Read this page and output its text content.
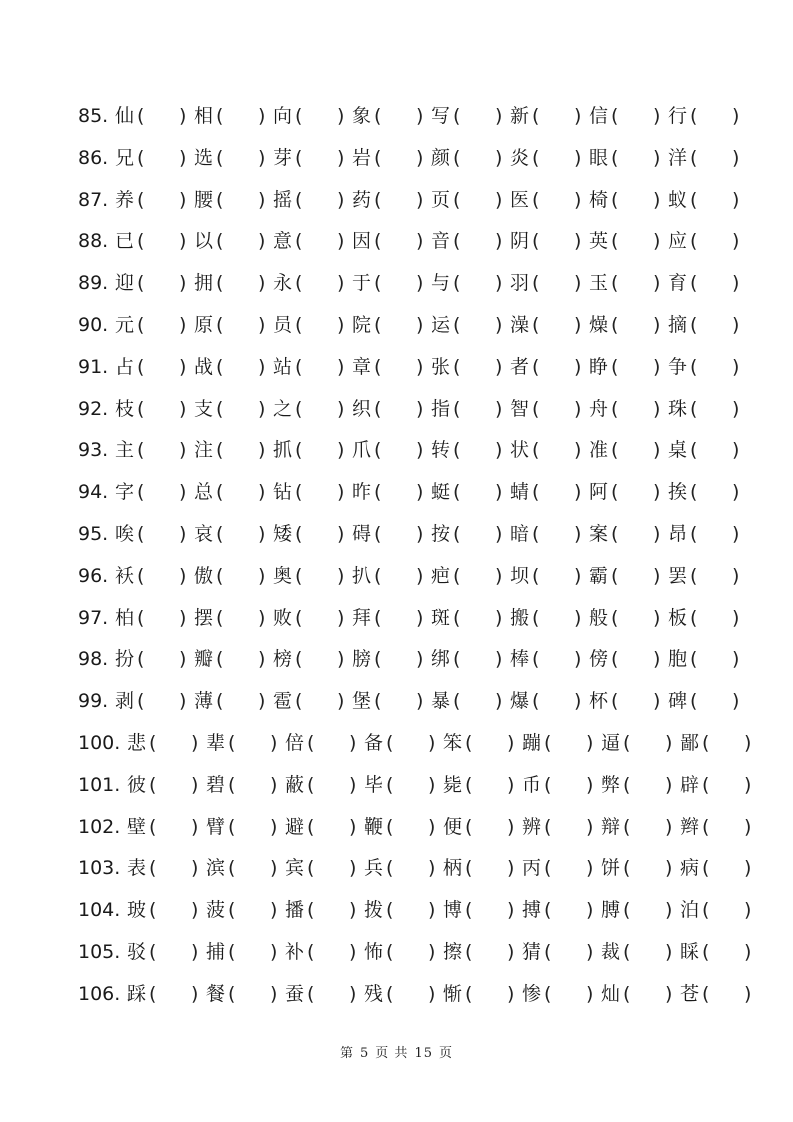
第 5 页 共 15 页
85. 仙 ( ) 相 ( ) 向 ( ) 象 ( ) 写 ( ) 新 ( ) 信 ( ) 行 ( )
86. 兄 ( ) 选 ( ) 芽 ( ) 岩 ( ) 颜 ( ) 炎 ( ) 眼 ( ) 洋 ( )
87. 养 ( ) 腰 ( ) 摇 ( ) 药 ( ) 页 ( ) 医 ( ) 椅 ( ) 蚁 ( )
88. 已 ( ) 以 ( ) 意 ( ) 因 ( ) 音 ( ) 阴 ( ) 英 ( ) 应 ( )
89. 迎 ( ) 拥 ( ) 永 ( ) 于 ( ) 与 ( ) 羽 ( ) 玉 ( ) 育 ( )
90. 元 ( ) 原 ( ) 员 ( ) 院 ( ) 运 ( ) 澡 ( ) 燥 ( ) 摘 ( )
91. 占 ( ) 战 ( ) 站 ( ) 章 ( ) 张 ( ) 者 ( ) 睁 ( ) 争 ( )
92. 枝 ( ) 支 ( ) 之 ( ) 织 ( ) 指 ( ) 智 ( ) 舟 ( ) 珠 ( )
93. 主 ( ) 注 ( ) 抓 ( ) 爪 ( ) 转 ( ) 状 ( ) 准 ( ) 桌 ( )
94. 字 ( ) 总 ( ) 钻 ( ) 昨 ( ) 蜓 ( ) 蜻 ( ) 阿 ( ) 挨 ( )
95. 唉 ( ) 哀 ( ) 矮 ( ) 碍 ( ) 按 ( ) 暗 ( ) 案 ( ) 昂 ( )
96. 袄 ( ) 傲 ( ) 奥 ( ) 扒 ( ) 疤 ( ) 坝 ( ) 霸 ( ) 罢 ( )
97. 柏 ( ) 摆 ( ) 败 ( ) 拜 ( ) 斑 ( ) 搬 ( ) 般 ( ) 板 ( )
98. 扮 ( ) 瓣 ( ) 榜 ( ) 膀 ( ) 绑 ( ) 棒 ( ) 傍 ( ) 胞 ( )
99. 剥 ( ) 薄 ( ) 雹 ( ) 堡 ( ) 暴 ( ) 爆 ( ) 杯 ( ) 碑 ( )
100. 悲 ( ) 辈 ( ) 倍 ( ) 备 ( ) 笨 ( ) 蹦 ( ) 逼 ( ) 鄙 ( )
101. 彼 ( ) 碧 ( ) 蔽 ( ) 毕 ( ) 毙 ( ) 币 ( ) 弊 ( ) 辟 ( )
102. 壁 ( ) 臂 ( ) 避 ( ) 鞭 ( ) 便 ( ) 辨 ( ) 辩 ( ) 辫 ( )
103. 表 ( ) 滨 ( ) 宾 ( ) 兵 ( ) 柄 ( ) 丙 ( ) 饼 ( ) 病 ( )
104. 玻 ( ) 菠 ( ) 播 ( ) 拨 ( ) 博 ( ) 搏 ( ) 膊 ( ) 泊 ( )
105. 驳 ( ) 捕 ( ) 补 ( ) 怖 ( ) 擦 ( ) 猜 ( ) 裁 ( ) 睬 ( )
106. 踩 ( ) 餐 ( ) 蚕 ( ) 残 ( ) 惭 ( ) 惨 ( ) 灿 ( ) 苍 ( )
